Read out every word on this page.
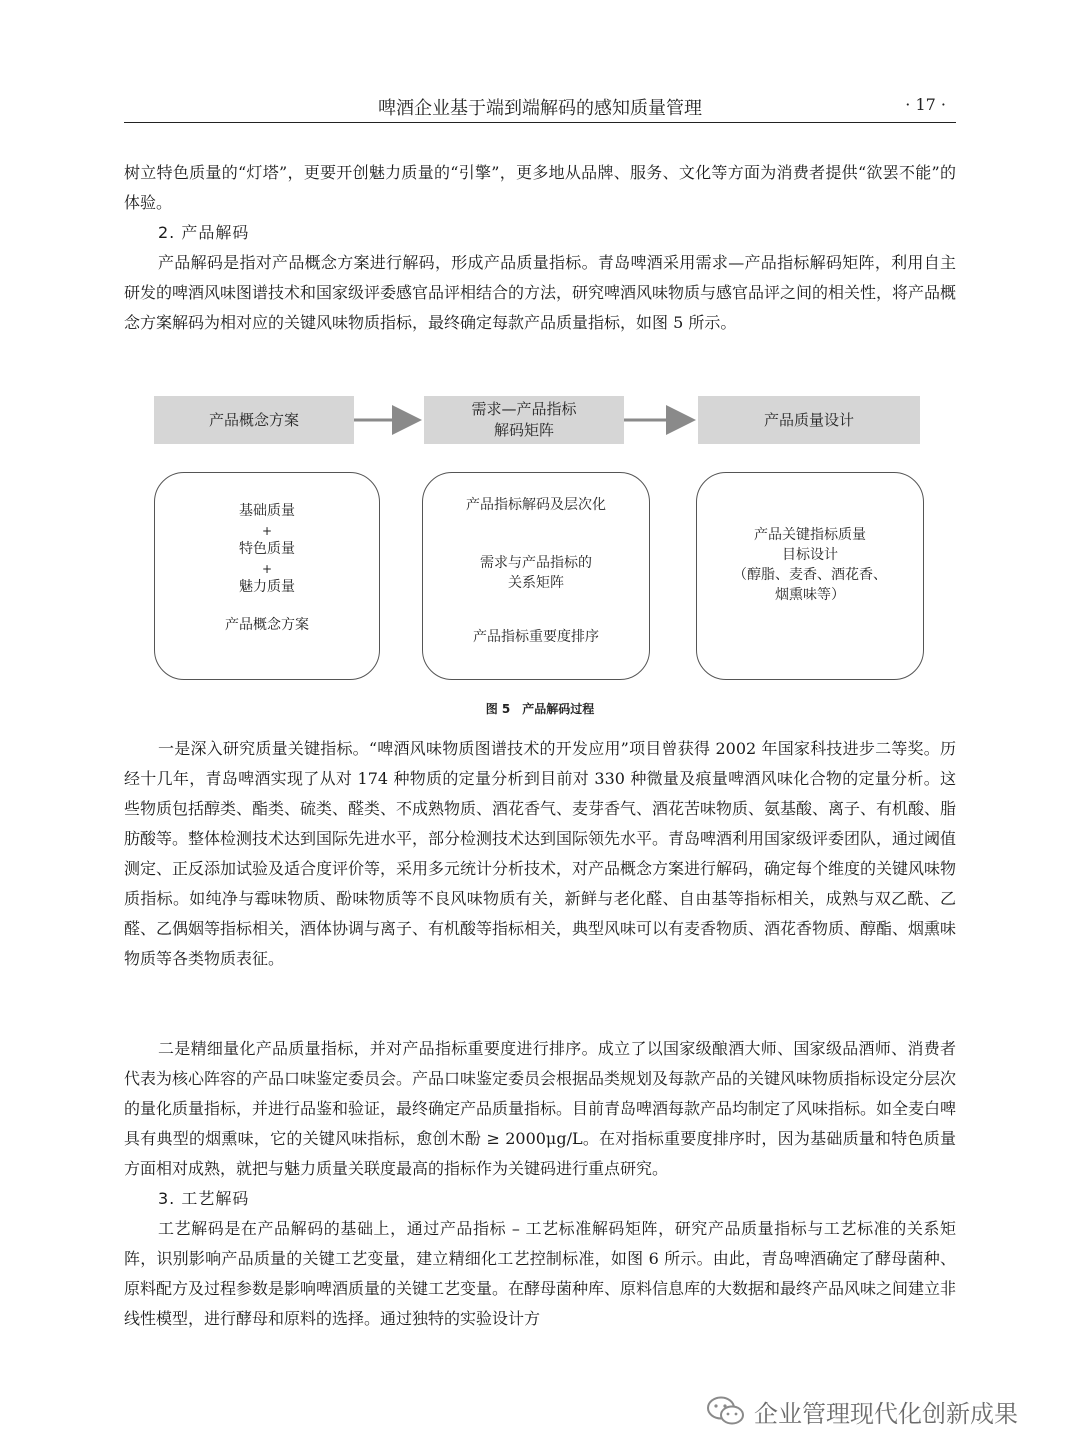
啤酒企业基于端到端解码的感知质量管理	· 17 ·

树立特色质量的“灯塔”，更要开创魅力质量的“引擎”，更多地从品牌、服务、文化等方面为消费者提供“欲罢不能”的体验。

2. 产品解码

产品解码是指对产品概念方案进行解码，形成产品质量指标。青岛啤酒采用需求—产品指标解码矩阵，利用自主研发的啤酒风味图谱技术和国家级评委感官品评相结合的方法，研究啤酒风味物质与感官品评之间的相关性，将产品概念方案解码为相对应的关键风味物质指标，最终确定每款产品质量指标，如图 5 所示。

产品概念方案
需求—产品指标
解码矩阵
产品质量设计
基础质量
+
特色质量
+
魅力质量
产品概念方案
产品指标解码及层次化
需求与产品指标的
关系矩阵
产品指标重要度排序
产品关键指标质量
目标设计
（醇脂、麦香、酒花香、
烟熏味等）
图 5　产品解码过程

一是深入研究质量关键指标。“啤酒风味物质图谱技术的开发应用”项目曾获得 2002 年国家科技进步二等奖。历经十几年，青岛啤酒实现了从对 174 种物质的定量分析到目前对 330 种微量及痕量啤酒风味化合物的定量分析。这些物质包括醇类、酯类、硫类、醛类、不成熟物质、酒花香气、麦芽香气、酒花苦味物质、氨基酸、离子、有机酸、脂肪酸等。整体检测技术达到国际先进水平，部分检测技术达到国际领先水平。青岛啤酒利用国家级评委团队，通过阈值测定、正反添加试验及适合度评价等，采用多元统计分析技术，对产品概念方案进行解码，确定每个维度的关键风味物质指标。如纯净与霉味物质、酚味物质等不良风味物质有关，新鲜与老化醛、自由基等指标相关，成熟与双乙酰、乙醛、乙偶姻等指标相关，酒体协调与离子、有机酸等指标相关，典型风味可以有麦香物质、酒花香物质、醇酯、烟熏味物质等各类物质表征。

二是精细量化产品质量指标，并对产品指标重要度进行排序。成立了以国家级酿酒大师、国家级品酒师、消费者代表为核心阵容的产品口味鉴定委员会。产品口味鉴定委员会根据品类规划及每款产品的关键风味物质指标设定分层次的量化质量指标，并进行品鉴和验证，最终确定产品质量指标。目前青岛啤酒每款产品均制定了风味指标。如全麦白啤具有典型的烟熏味，它的关键风味指标，愈创木酚 ≥ 2000μg/L。在对指标重要度排序时，因为基础质量和特色质量方面相对成熟，就把与魅力质量关联度最高的指标作为关键码进行重点研究。

3. 工艺解码

工艺解码是在产品解码的基础上，通过产品指标 – 工艺标准解码矩阵，研究产品质量指标与工艺标准的关系矩阵，识别影响产品质量的关键工艺变量，建立精细化工艺控制标准，如图 6 所示。由此，青岛啤酒确定了酵母菌种、原料配方及过程参数是影响啤酒质量的关键工艺变量。在酵母菌种库、原料信息库的大数据和最终产品风味之间建立非线性模型，进行酵母和原料的选择。通过独特的实验设计方

企业管理现代化创新成果
